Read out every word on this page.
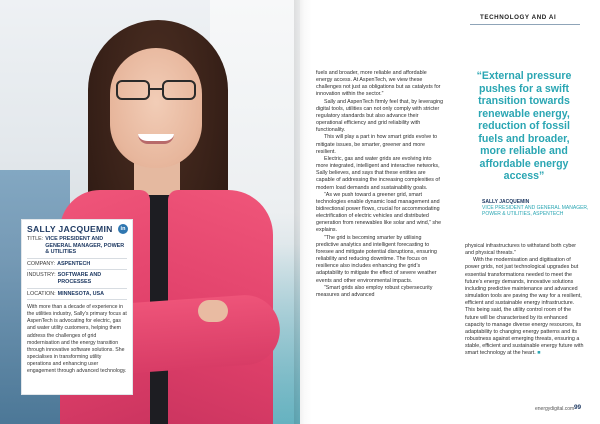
SALLY JACQUEMIN	in
TITLE: VICE PRESIDENT AND GENERAL MANAGER, POWER & UTILITIES
COMPANY: ASPENTECH
INDUSTRY: SOFTWARE AND PROCESSES
LOCATION: MINNESOTA, USA
With more than a decade of experience in the utilities industry, Sally's primary focus at AspenTech is advocating for electric, gas and water utility customers, helping them address the challenges of grid modernisation and the energy transition through innovative software solutions. She specialises in transforming utility operations and enhancing user engagement through advanced technology.
TECHNOLOGY AND AI

fuels and broader, more reliable and affordable energy access. At AspenTech, we view these challenges not just as obligations but as catalysts for innovation within the sector.”

Sally and AspenTech firmly feel that, by leveraging digital tools, utilities can not only comply with stricter regulatory standards but also advance their operational efficiency and grid reliability with functionality.

This will play a part in how smart grids evolve to mitigate issues, be smarter, greener and more resilient.

Electric, gas and water grids are evolving into more integrated, intelligent and interactive networks, Sally believes, and says that these entities are capable of addressing the increasing complexities of modern load demands and sustainability goals.

“As we push toward a greener grid, smart technologies enable dynamic load management and bidirectional power flows, crucial for accommodating electrification of electric vehicles and distributed generation from renewables like solar and wind,” she explains.

“The grid is becoming smarter by utilising predictive analytics and intelligent forecasting to foresee and mitigate potential disruptions, ensuring reliability and reducing downtime. The focus on resilience also includes enhancing the grid’s adaptability to mitigate the effect of severe weather events and other environmental impacts.

“Smart grids also employ robust cybersecurity measures and advanced

“External pressure pushes for a swift transition towards renewable energy, reduction of fossil fuels and broader, more reliable and affordable energy access”
SALLY JACQUEMIN
VICE PRESIDENT AND GENERAL MANAGER, POWER & UTILITIES, ASPENTECH

physical infrastructures to withstand both cyber and physical threats.”

With the modernisation and digitisation of power grids, not just technological upgrades but essential transformations needed to meet the future’s energy demands, innovative solutions including predictive maintenance and advanced simulation tools are paving the way for a resilient, efficient and sustainable energy infrastructure. This being said, the utility control room of the future will be characterised by its enhanced capacity to manage diverse energy resources, its adaptability to changing energy patterns and its robustness against emerging threats, ensuring a stable, efficient and sustainable energy future with smart technology at the heart. ■

energydigital.com 99
